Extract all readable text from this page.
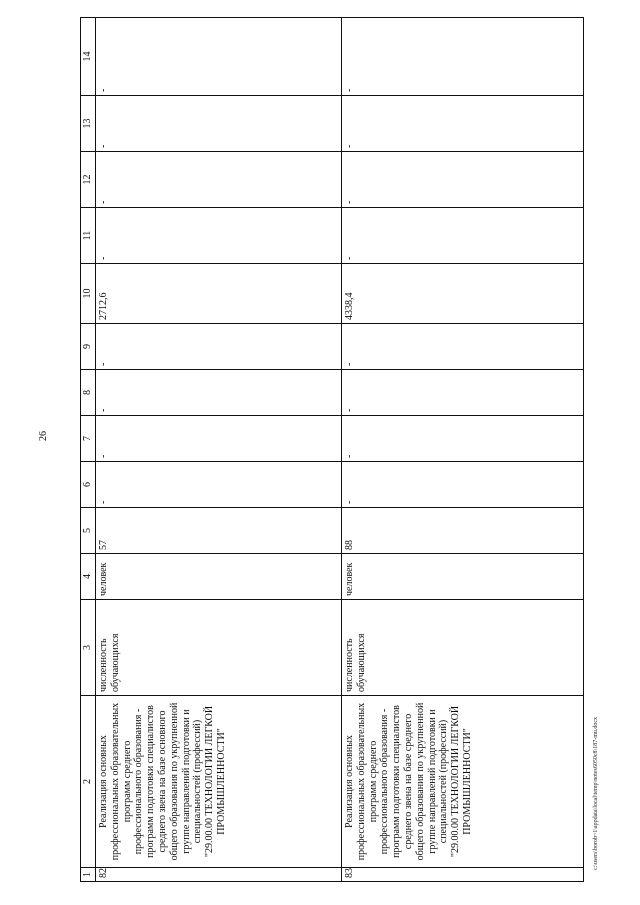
26
1	2	3	4	5	6	7	8	9	10	11	12	13	14
82	Реализация основных профессиональных образовательных программ среднего профессионального образования - программ подготовки специалистов среднего звена на базе основного общего образования по укрупненной группе направлений подготовки и специальностей (профессий) "29.00.00 ТЕХНОЛОГИИ ЛЕГКОЙ ПРОМЫШЛЕННОСТИ"	численность обучающихся	человек	57	-	-	-	-	2712,6	-	-	-	-
83	Реализация основных профессиональных образовательных программ среднего профессионального образования - программ подготовки специалистов среднего звена на базе среднего общего образования по укрупненной группе направлений подготовки и специальностей (профессий) "29.00.00 ТЕХНОЛОГИИ ЛЕГКОЙ ПРОМЫШЛЕННОСТИ"	численность обучающихся	человек	88	-	-	-	-	4338,4	-	-	-	-
c:\users\borob~1\appdata\local\temp\notes6050c8\187-mu.docx
